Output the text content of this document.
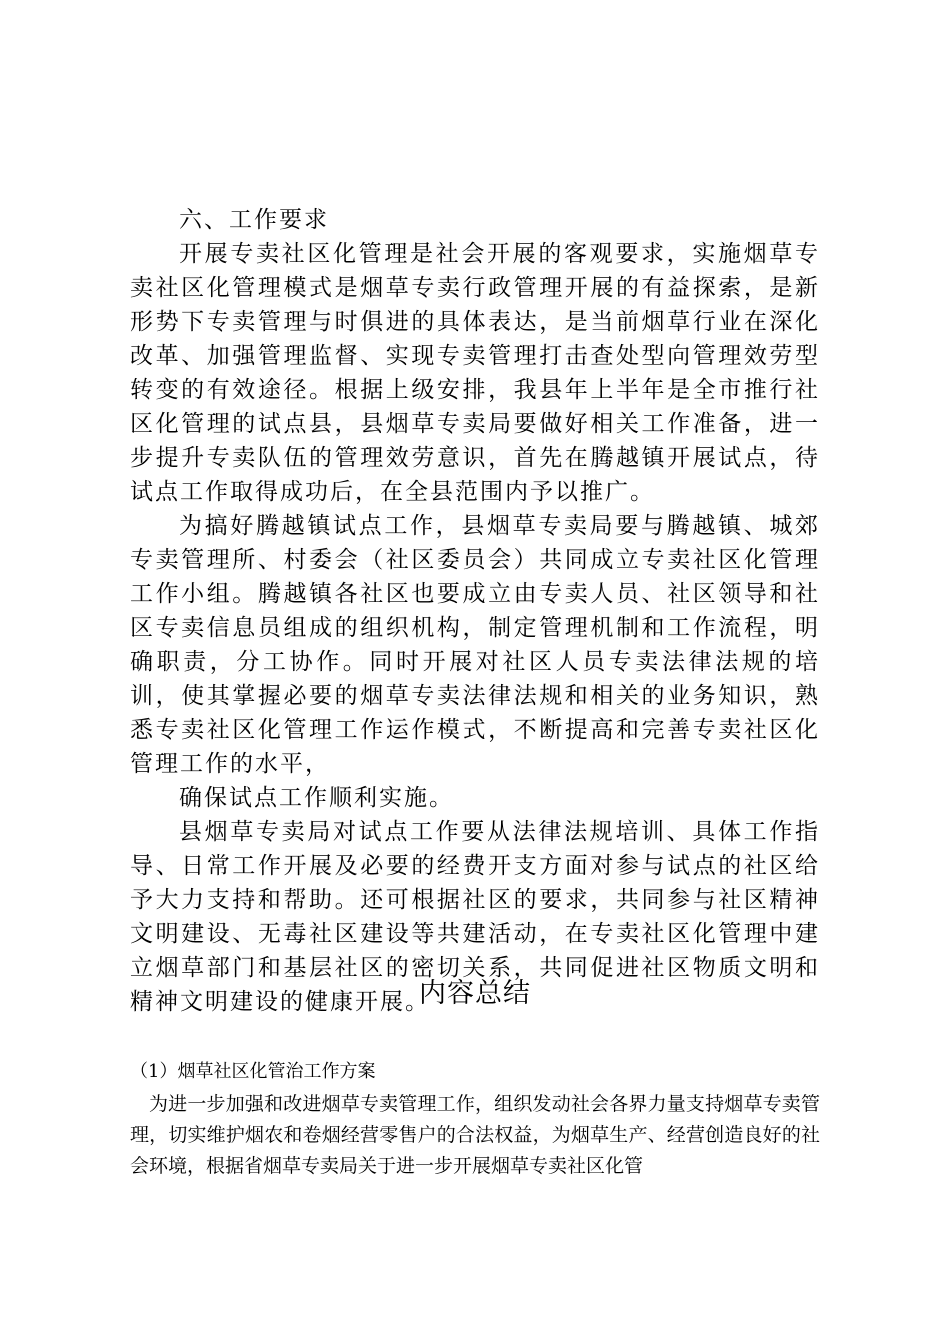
六、工作要求

开展专卖社区化管理是社会开展的客观要求，实施烟草专卖社区化管理模式是烟草专卖行政管理开展的有益探索，是新形势下专卖管理与时俱进的具体表达，是当前烟草行业在深化改革、加强管理监督、实现专卖管理打击查处型向管理效劳型转变的有效途径。根据上级安排，我县年上半年是全市推行社区化管理的试点县，县烟草专卖局要做好相关工作准备，进一步提升专卖队伍的管理效劳意识，首先在腾越镇开展试点，待试点工作取得成功后，在全县范围内予以推广。

为搞好腾越镇试点工作，县烟草专卖局要与腾越镇、城郊专卖管理所、村委会（社区委员会）共同成立专卖社区化管理工作小组。腾越镇各社区也要成立由专卖人员、社区领导和社区专卖信息员组成的组织机构，制定管理机制和工作流程，明确职责，分工协作。同时开展对社区人员专卖法律法规的培训，使其掌握必要的烟草专卖法律法规和相关的业务知识，熟悉专卖社区化管理工作运作模式，不断提高和完善专卖社区化管理工作的水平，

确保试点工作顺利实施。

县烟草专卖局对试点工作要从法律法规培训、具体工作指导、日常工作开展及必要的经费开支方面对参与试点的社区给予大力支持和帮助。还可根据社区的要求，共同参与社区精神文明建设、无毒社区建设等共建活动，在专卖社区化管理中建立烟草部门和基层社区的密切关系，共同促进社区物质文明和精神文明建设的健康开展。

内容总结

（1）烟草社区化管治工作方案

为进一步加强和改进烟草专卖管理工作，组织发动社会各界力量支持烟草专卖管理，切实维护烟农和卷烟经营零售户的合法权益，为烟草生产、经营创造良好的社会环境，根据省烟草专卖局关于进一步开展烟草专卖社区化管
